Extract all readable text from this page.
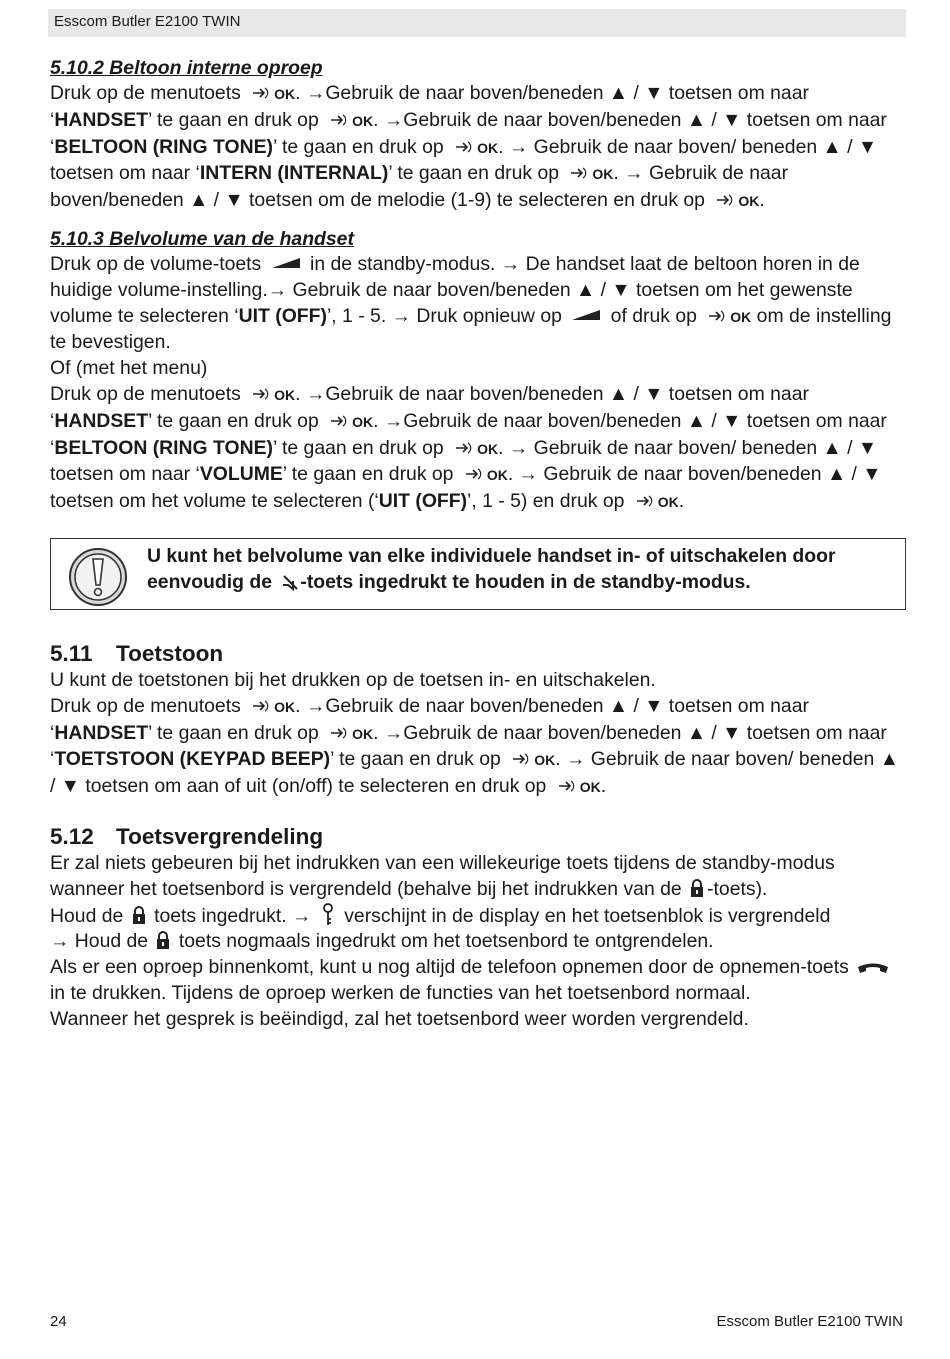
Esscom Butler E2100 TWIN

5.10.2 Beltoon interne oproep

Druk op de menutoets OK. →Gebruik de naar boven/beneden ▲ / ▼ toetsen om naar ‘HANDSET’ te gaan en druk op OK. →Gebruik de naar boven/beneden ▲ / ▼ toetsen om naar ‘BELTOON (RING TONE)’ te gaan en druk op OK. → Gebruik de naar boven/ beneden ▲ / ▼ toetsen om naar ‘INTERN (INTERNAL)’ te gaan en druk op OK. → Gebruik de naar boven/beneden ▲ / ▼ toetsen om de melodie (1-9) te selecteren en druk op OK.

5.10.3 Belvolume van de handset

Druk op de volume-toets  in de standby-modus. → De handset laat de beltoon horen in de huidige volume-instelling.→ Gebruik de naar boven/beneden ▲ / ▼ toetsen om het gewenste volume te selecteren ‘UIT (OFF)’, 1 - 5. → Druk opnieuw op  of druk op OK om de instelling te bevestigen.

Of (met het menu)

Druk op de menutoets OK. →Gebruik de naar boven/beneden ▲ / ▼ toetsen om naar ‘HANDSET’ te gaan en druk op OK. →Gebruik de naar boven/beneden ▲ / ▼ toetsen om naar ‘BELTOON (RING TONE)’ te gaan en druk op OK. → Gebruik de naar boven/ beneden ▲ / ▼ toetsen om naar ‘VOLUME’ te gaan en druk op OK. → Gebruik de naar boven/beneden ▲ / ▼ toetsen om het volume te selecteren (‘UIT (OFF)’, 1 - 5) en druk op OK.

U kunt het belvolume van elke individuele handset in- of uitschakelen door
eenvoudig de -toets ingedrukt te houden in de standby-modus.

5.11 Toetstoon

U kunt de toetstonen bij het drukken op de toetsen in- en uitschakelen.

Druk op de menutoets OK. →Gebruik de naar boven/beneden ▲ / ▼ toetsen om naar ‘HANDSET’ te gaan en druk op OK. →Gebruik de naar boven/beneden ▲ / ▼ toetsen om naar ‘TOETSTOON (KEYPAD BEEP)’ te gaan en druk op OK. → Gebruik de naar boven/ beneden ▲ / ▼ toetsen om aan of uit (on/off) te selecteren en druk op OK.

5.12 Toetsvergrendeling

Er zal niets gebeuren bij het indrukken van een willekeurige toets tijdens de standby-modus wanneer het toetsenbord is vergrendeld (behalve bij het indrukken van de -toets).

Houd de  toets ingedrukt. →  verschijnt in de display en het toetsenblok is vergrendeld

→ Houd de  toets nogmaals ingedrukt om het toetsenbord te ontgrendelen.

Als er een oproep binnenkomt, kunt u nog altijd de telefoon opnemen door de opnemen-toets  in te drukken. Tijdens de oproep werken de functies van het toetsenbord normaal.

Wanneer het gesprek is beëindigd, zal het toetsenbord weer worden vergrendeld.

24	Esscom Butler E2100 TWIN
